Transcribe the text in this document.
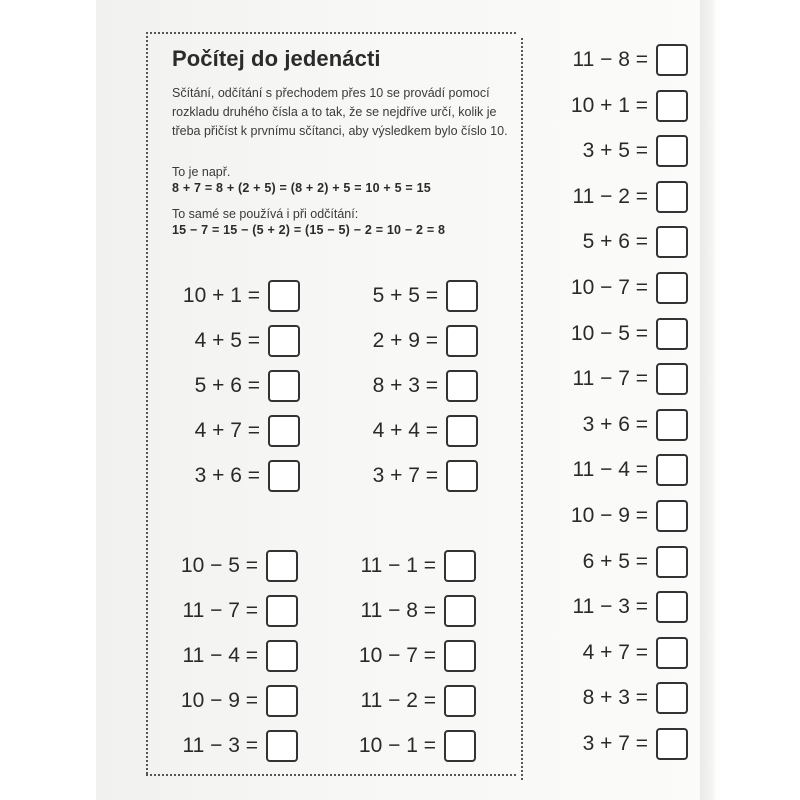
Počítej do jedenácti

Sčítání, odčítání s přechodem přes 10 se provádí pomocí rozkladu druhého čísla a to tak, že se nejdříve určí, kolik je třeba přičíst k prvnímu sčítanci, aby výsledkem bylo číslo 10.

To je např.
8 + 7 = 8 + (2 + 5) = (8 + 2) + 5 = 10 + 5 = 15
To samé se používá i při odčítání:
15 − 7 = 15 − (5 + 2) = (15 − 5) − 2 = 10 − 2 = 8
10 + 1 =
4 + 5 =
5 + 6 =
4 + 7 =
3 + 6 =
5 + 5 =
2 + 9 =
8 + 3 =
4 + 4 =
3 + 7 =
10 − 5 =
11 − 7 =
11 − 4 =
10 − 9 =
11 − 3 =
11 − 1 =
11 − 8 =
10 − 7 =
11 − 2 =
10 − 1 =
11 − 8 =
10 + 1 =
3 + 5 =
11 − 2 =
5 + 6 =
10 − 7 =
10 − 5 =
11 − 7 =
3 + 6 =
11 − 4 =
10 − 9 =
6 + 5 =
11 − 3 =
4 + 7 =
8 + 3 =
3 + 7 =
